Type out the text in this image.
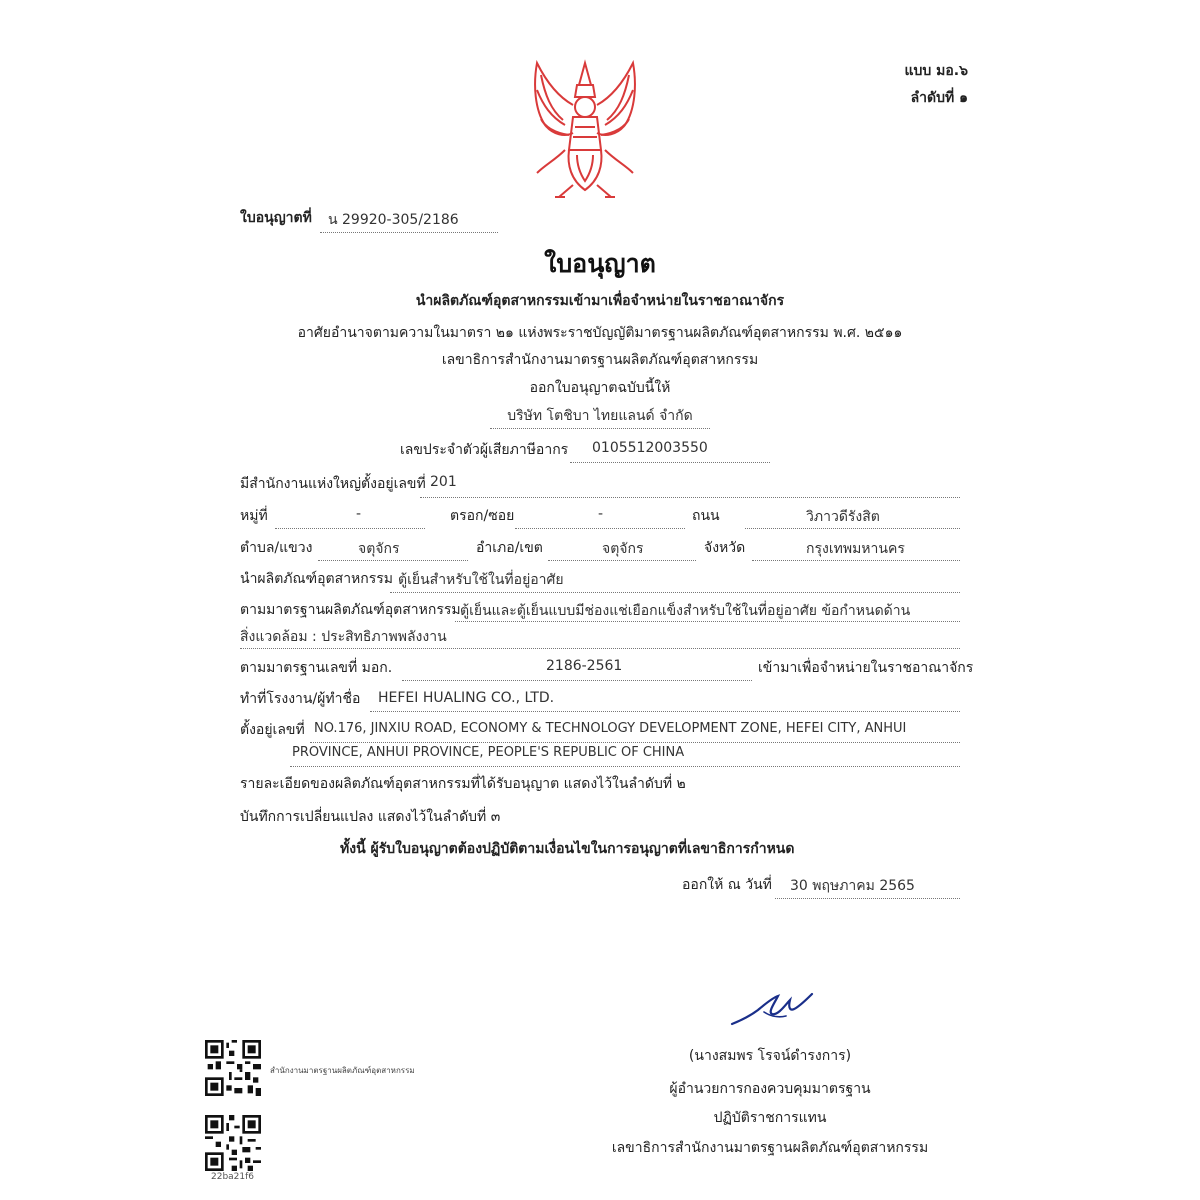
แบบ มอ.๖
ลำดับที่ ๑
ใบอนุญาตที่ น 29920-305/2186
ใบอนุญาต
นำผลิตภัณฑ์อุตสาหกรรมเข้ามาเพื่อจำหน่ายในราชอาณาจักร
อาศัยอำนาจตามความในมาตรา ๒๑ แห่งพระราชบัญญัติมาตรฐานผลิตภัณฑ์อุตสาหกรรม พ.ศ. ๒๕๑๑
เลขาธิการสำนักงานมาตรฐานผลิตภัณฑ์อุตสาหกรรม
ออกใบอนุญาตฉบับนี้ให้
บริษัท โตชิบา ไทยแลนด์ จำกัด
เลขประจำตัวผู้เสียภาษีอากร 0105512003550
มีสำนักงานแห่งใหญ่ตั้งอยู่เลขที่ 201
หมู่ที่	-	ตรอก/ซอย	-	ถนน	วิภาวดีรังสิต
ตำบล/แขวง	จตุจักร	อำเภอ/เขต	จตุจักร	จังหวัด	กรุงเทพมหานคร
นำผลิตภัณฑ์อุตสาหกรรม ตู้เย็นสำหรับใช้ในที่อยู่อาศัย
ตามมาตรฐานผลิตภัณฑ์อุตสาหกรรม ตู้เย็นและตู้เย็นแบบมีช่องแช่เยือกแข็งสำหรับใช้ในที่อยู่อาศัย ข้อกำหนดด้าน
สิ่งแวดล้อม : ประสิทธิภาพพลังงาน
ตามมาตรฐานเลขที่ มอก.	2186-2561	เข้ามาเพื่อจำหน่ายในราชอาณาจักร
ทำที่โรงงาน/ผู้ทำชื่อ HEFEI HUALING CO., LTD.
ตั้งอยู่เลขที่ NO.176, JINXIU ROAD, ECONOMY & TECHNOLOGY DEVELOPMENT ZONE, HEFEI CITY, ANHUI
PROVINCE, ANHUI PROVINCE, PEOPLE'S REPUBLIC OF CHINA
รายละเอียดของผลิตภัณฑ์อุตสาหกรรมที่ได้รับอนุญาต แสดงไว้ในลำดับที่ ๒
บันทึกการเปลี่ยนแปลง แสดงไว้ในลำดับที่ ๓
ทั้งนี้ ผู้รับใบอนุญาตต้องปฏิบัติตามเงื่อนไขในการอนุญาตที่เลขาธิการกำหนด
ออกให้ ณ วันที่ 30 พฤษภาคม 2565
(นางสมพร โรจน์ดำรงการ)
ผู้อำนวยการกองควบคุมมาตรฐาน
ปฏิบัติราชการแทน
เลขาธิการสำนักงานมาตรฐานผลิตภัณฑ์อุตสาหกรรม
สำนักงานมาตรฐานผลิตภัณฑ์อุตสาหกรรม
22ba21f6
